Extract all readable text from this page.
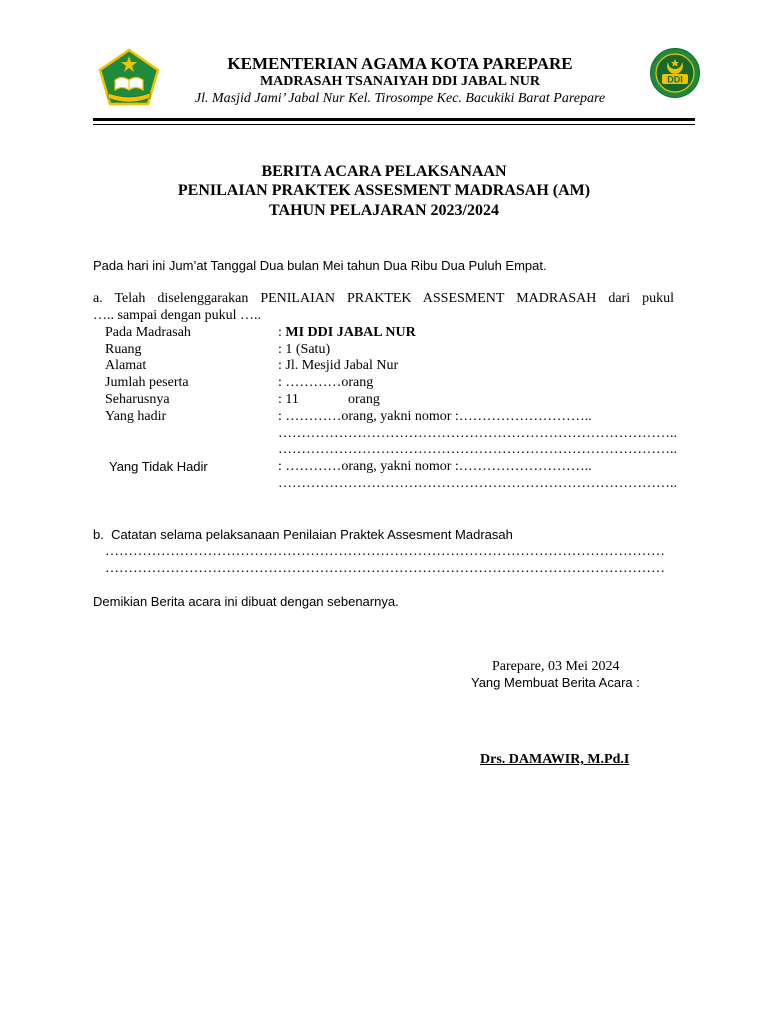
DDI
KEMENTERIAN AGAMA KOTA PAREPARE
MADRASAH TSANAIYAH DDI JABAL NUR
Jl. Masjid Jami’ Jabal Nur Kel. Tirosompe Kec. Bacukiki Barat Parepare
BERITA ACARA PELAKSANAAN
PENILAIAN PRAKTEK ASSESMENT MADRASAH (AM)
TAHUN PELAJARAN 2023/2024
Pada hari ini Jum’at Tanggal Dua bulan Mei tahun Dua Ribu Dua Puluh Empat.
a. Telah diselenggarakan PENILAIAN PRAKTEK ASSESMENT MADRASAH dari pukul
….. sampai dengan pukul …..
Pada Madrasah	: MI DDI JABAL NUR
Ruang	: 1 (Satu)
Alamat	: Jl. Mesjid Jabal Nur
Jumlah peserta	: …………orang
Seharusnya	: 11	orang
Yang hadir	: …………orang, yakni nomor :………………………..
…………………………………………………………………………..
…………………………………………………………………………..
Yang Tidak Hadir	: …………orang, yakni nomor :………………………..
…………………………………………………………………………..
b.  Catatan selama pelaksanaan Penilaian Praktek Assesment Madrasah
…………………………………………………………………………………………………………
…………………………………………………………………………………………………………
Demikian Berita acara ini dibuat dengan sebenarnya.
Parepare, 03 Mei 2024
Yang Membuat Berita Acara :
Drs. DAMAWIR, M.Pd.I
